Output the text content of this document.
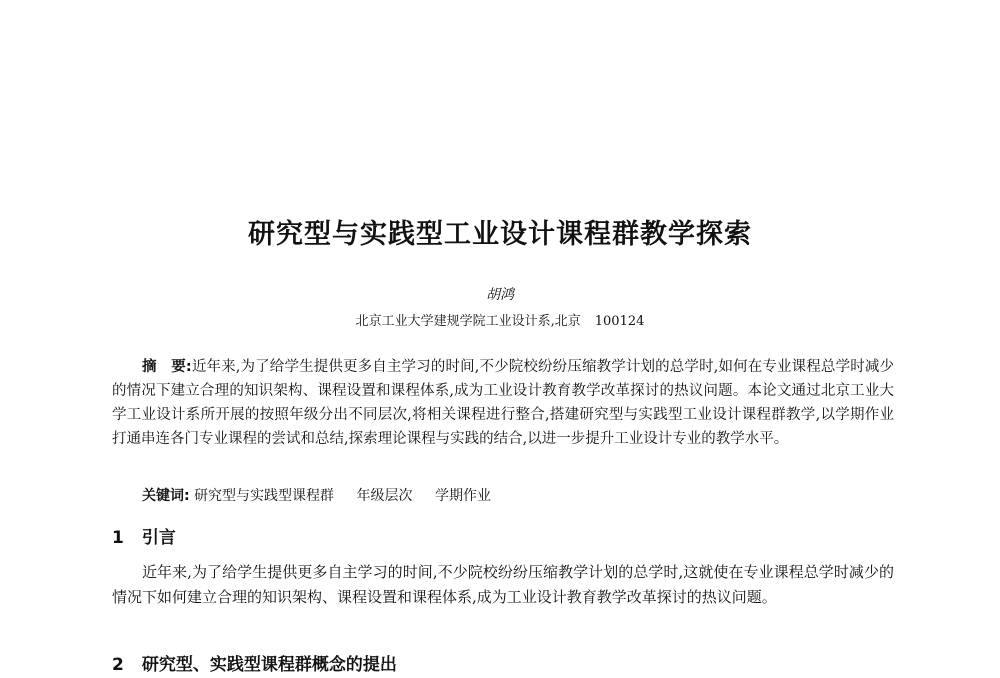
研究型与实践型工业设计课程群教学探索
胡鸿
北京工业大学建规学院工业设计系,北京 100124

摘　要:近年来,为了给学生提供更多自主学习的时间,不少院校纷纷压缩教学计划的总学时,如何在专业课程总学时减少的情况下建立合理的知识架构、课程设置和课程体系,成为工业设计教育教学改革探讨的热议问题。本论文通过北京工业大学工业设计系所开展的按照年级分出不同层次,将相关课程进行整合,搭建研究型与实践型工业设计课程群教学,以学期作业打通串连各门专业课程的尝试和总结,探索理论课程与实践的结合,以进一步提升工业设计专业的教学水平。

关键词: 研究型与实践型课程群 年级层次 学期作业
1 引言

近年来,为了给学生提供更多自主学习的时间,不少院校纷纷压缩教学计划的总学时,这就使在专业课程总学时减少的情况下如何建立合理的知识架构、课程设置和课程体系,成为工业设计教育教学改革探讨的热议问题。

2 研究型、实践型课程群概念的提出
